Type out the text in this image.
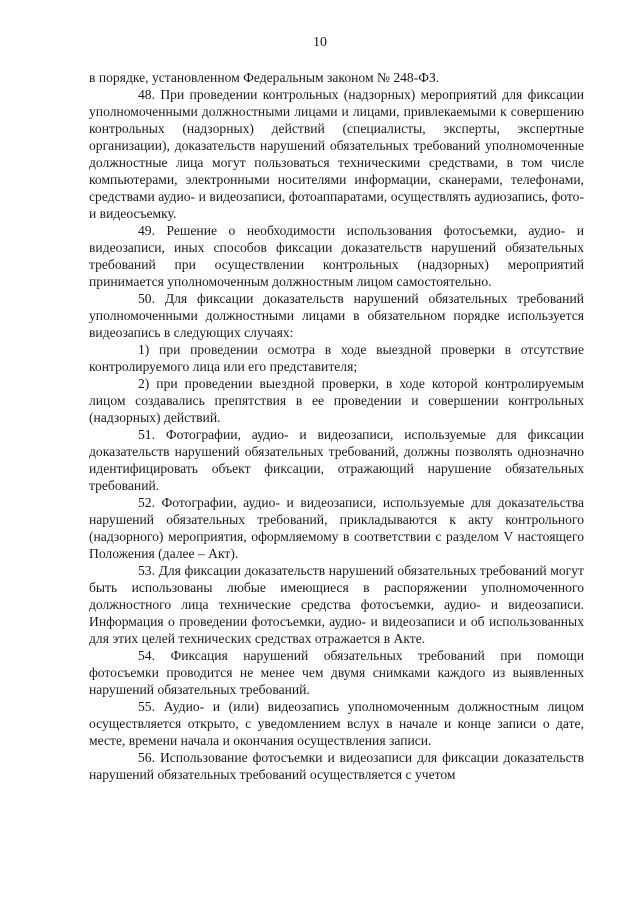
10

в порядке, установленном Федеральным законом № 248-ФЗ.

48. При проведении контрольных (надзорных) мероприятий для фиксации уполномоченными должностными лицами и лицами, привлекаемыми к совершению контрольных (надзорных) действий (специалисты, эксперты, экспертные организации), доказательств нарушений обязательных требований уполномоченные должностные лица могут пользоваться техническими средствами, в том числе компьютерами, электронными носителями информации, сканерами, телефонами, средствами аудио- и видеозаписи, фотоаппаратами, осуществлять аудиозапись, фото- и видеосъемку.

49. Решение о необходимости использования фотосъемки, аудио- и видеозаписи, иных способов фиксации доказательств нарушений обязательных требований при осуществлении контрольных (надзорных) мероприятий принимается уполномоченным должностным лицом самостоятельно.

50. Для фиксации доказательств нарушений обязательных требований уполномоченными должностными лицами в обязательном порядке используется видеозапись в следующих случаях:

1) при проведении осмотра в ходе выездной проверки в отсутствие контролируемого лица или его представителя;

2) при проведении выездной проверки, в ходе которой контролируемым лицом создавались препятствия в ее проведении и совершении контрольных (надзорных) действий.

51. Фотографии, аудио- и видеозаписи, используемые для фиксации доказательств нарушений обязательных требований, должны позволять однозначно идентифицировать объект фиксации, отражающий нарушение обязательных требований.

52. Фотографии, аудио- и видеозаписи, используемые для доказательства нарушений обязательных требований, прикладываются к акту контрольного (надзорного) мероприятия, оформляемому в соответствии с разделом V настоящего Положения (далее – Акт).

53. Для фиксации доказательств нарушений обязательных требований могут быть использованы любые имеющиеся в распоряжении уполномоченного должностного лица технические средства фотосъемки, аудио- и видеозаписи. Информация о проведении фотосъемки, аудио- и видеозаписи и об использованных для этих целей технических средствах отражается в Акте.

54. Фиксация нарушений обязательных требований при помощи фотосъемки проводится не менее чем двумя снимками каждого из выявленных нарушений обязательных требований.

55. Аудио- и (или) видеозапись уполномоченным должностным лицом осуществляется открыто, с уведомлением вслух в начале и конце записи о дате, месте, времени начала и окончания осуществления записи.

56. Использование фотосъемки и видеозаписи для фиксации доказательств нарушений обязательных требований осуществляется с учетом
